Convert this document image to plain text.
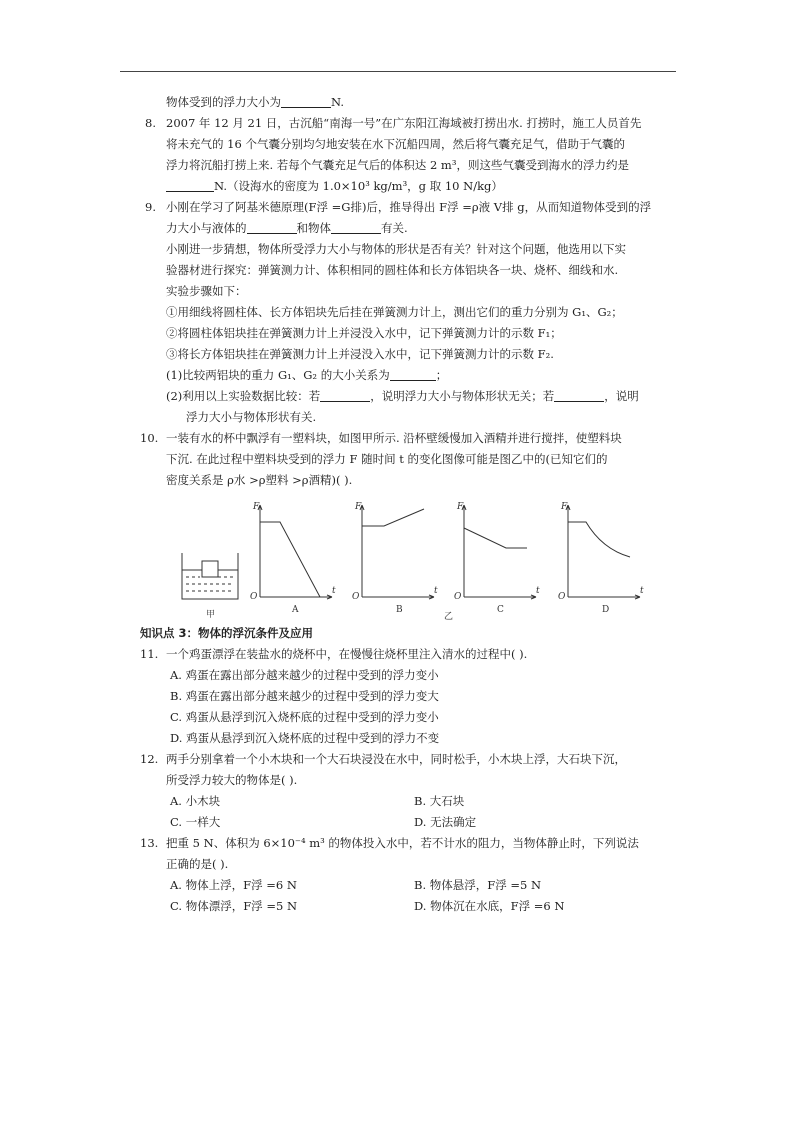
物体受到的浮力大小为	N.
8. 2007 年 12 月 21 日，古沉船“南海一号”在广东阳江海域被打捞出水. 打捞时，施工人员首先
将未充气的 16 个气囊分别均匀地安装在水下沉船四周，然后将气囊充足气，借助于气囊的
浮力将沉船打捞上来. 若每个气囊充足气后的体积达 2 m³，则这些气囊受到海水的浮力约是
N.（设海水的密度为 1.0×10³ kg/m³，g 取 10 N/kg）
9. 小刚在学习了阿基米德原理(F浮 =G排)后，推导得出 F浮 =ρ液 V排 g，从而知道物体受到的浮
力大小与液体的	和物体	有关.
小刚进一步猜想，物体所受浮力大小与物体的形状是否有关？针对这个问题，他选用以下实
验器材进行探究：弹簧测力计、体积相同的圆柱体和长方体铝块各一块、烧杯、细线和水.
实验步骤如下：
①用细线将圆柱体、长方体铝块先后挂在弹簧测力计上，测出它们的重力分别为 G₁、G₂；
②将圆柱体铝块挂在弹簧测力计上并浸没入水中，记下弹簧测力计的示数 F₁；
③将长方体铝块挂在弹簧测力计上并浸没入水中，记下弹簧测力计的示数 F₂.
(1)比较两铝块的重力 G₁、G₂ 的大小关系为	；
(2)利用以上实验数据比较：若	，说明浮力大小与物体形状无关；若	，说明
浮力大小与物体形状有关.
10. 一装有水的杯中飘浮有一塑料块，如图甲所示. 沿杯壁缓慢加入酒精并进行搅拌，使塑料块
下沉. 在此过程中塑料块受到的浮力 F 随时间 t 的变化图像可能是图乙中的(已知它们的
密度关系是 ρ水 >ρ塑料 >ρ酒精)( ).
甲
F
t
O
A
F
t
O
B
F
t
O
C
乙
F
t
O
D
知识点 3：物体的浮沉条件及应用
11. 一个鸡蛋漂浮在装盐水的烧杯中，在慢慢往烧杯里注入清水的过程中( ).
A. 鸡蛋在露出部分越来越少的过程中受到的浮力变小
B. 鸡蛋在露出部分越来越少的过程中受到的浮力变大
C. 鸡蛋从悬浮到沉入烧杯底的过程中受到的浮力变小
D. 鸡蛋从悬浮到沉入烧杯底的过程中受到的浮力不变
12. 两手分别拿着一个小木块和一个大石块浸没在水中，同时松手，小木块上浮，大石块下沉，
所受浮力较大的物体是( ).
A. 小木块	B. 大石块
C. 一样大	D. 无法确定
13. 把重 5 N、体积为 6×10⁻⁴ m³ 的物体投入水中，若不计水的阻力，当物体静止时，下列说法
正确的是( ).
A. 物体上浮，F浮 =6 N	B. 物体悬浮，F浮 =5 N
C. 物体漂浮，F浮 =5 N	D. 物体沉在水底，F浮 =6 N
